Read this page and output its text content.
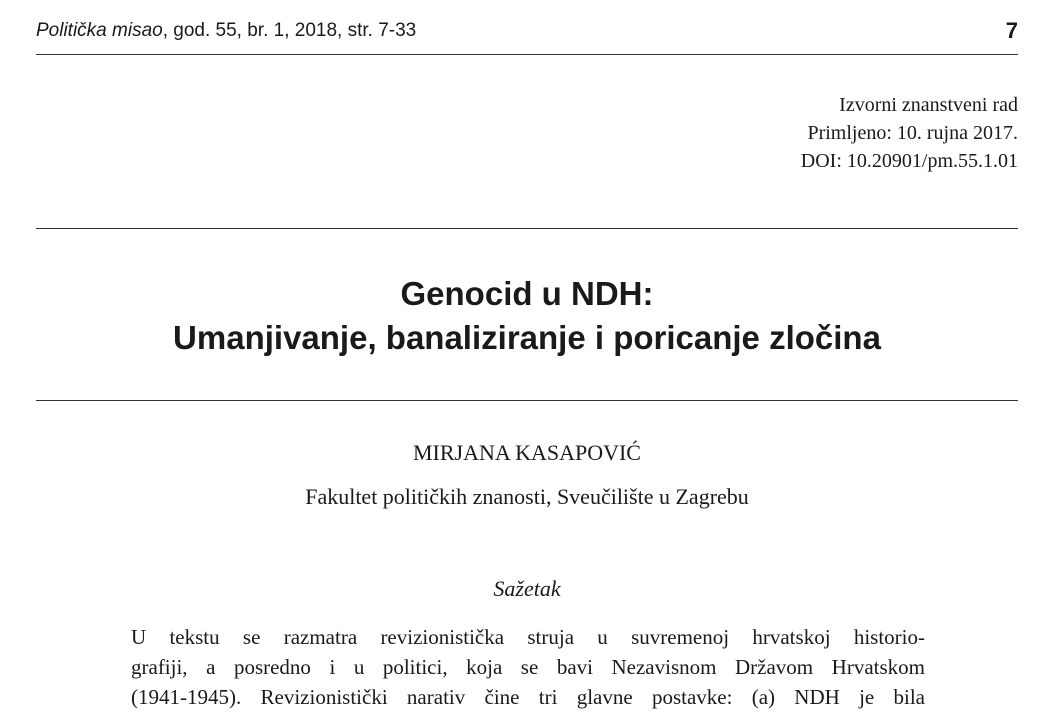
Politička misao, god. 55, br. 1, 2018, str. 7-33	7
Izvorni znanstveni rad
Primljeno: 10. rujna 2017.
DOI: 10.20901/pm.55.1.01
Genocid u NDH:
Umanjivanje, banaliziranje i poricanje zločina
MIRJANA KASAPOVIĆ
Fakultet političkih znanosti, Sveučilište u Zagrebu
Sažetak
U tekstu se razmatra revizionistička struja u suvremenoj hrvatskoj historio-
grafiji, a posredno i u politici, koja se bavi Nezavisnom Državom Hrvatskom
(1941-1945). Revizionistički narativ čine tri glavne postavke: (a) NDH je bila
